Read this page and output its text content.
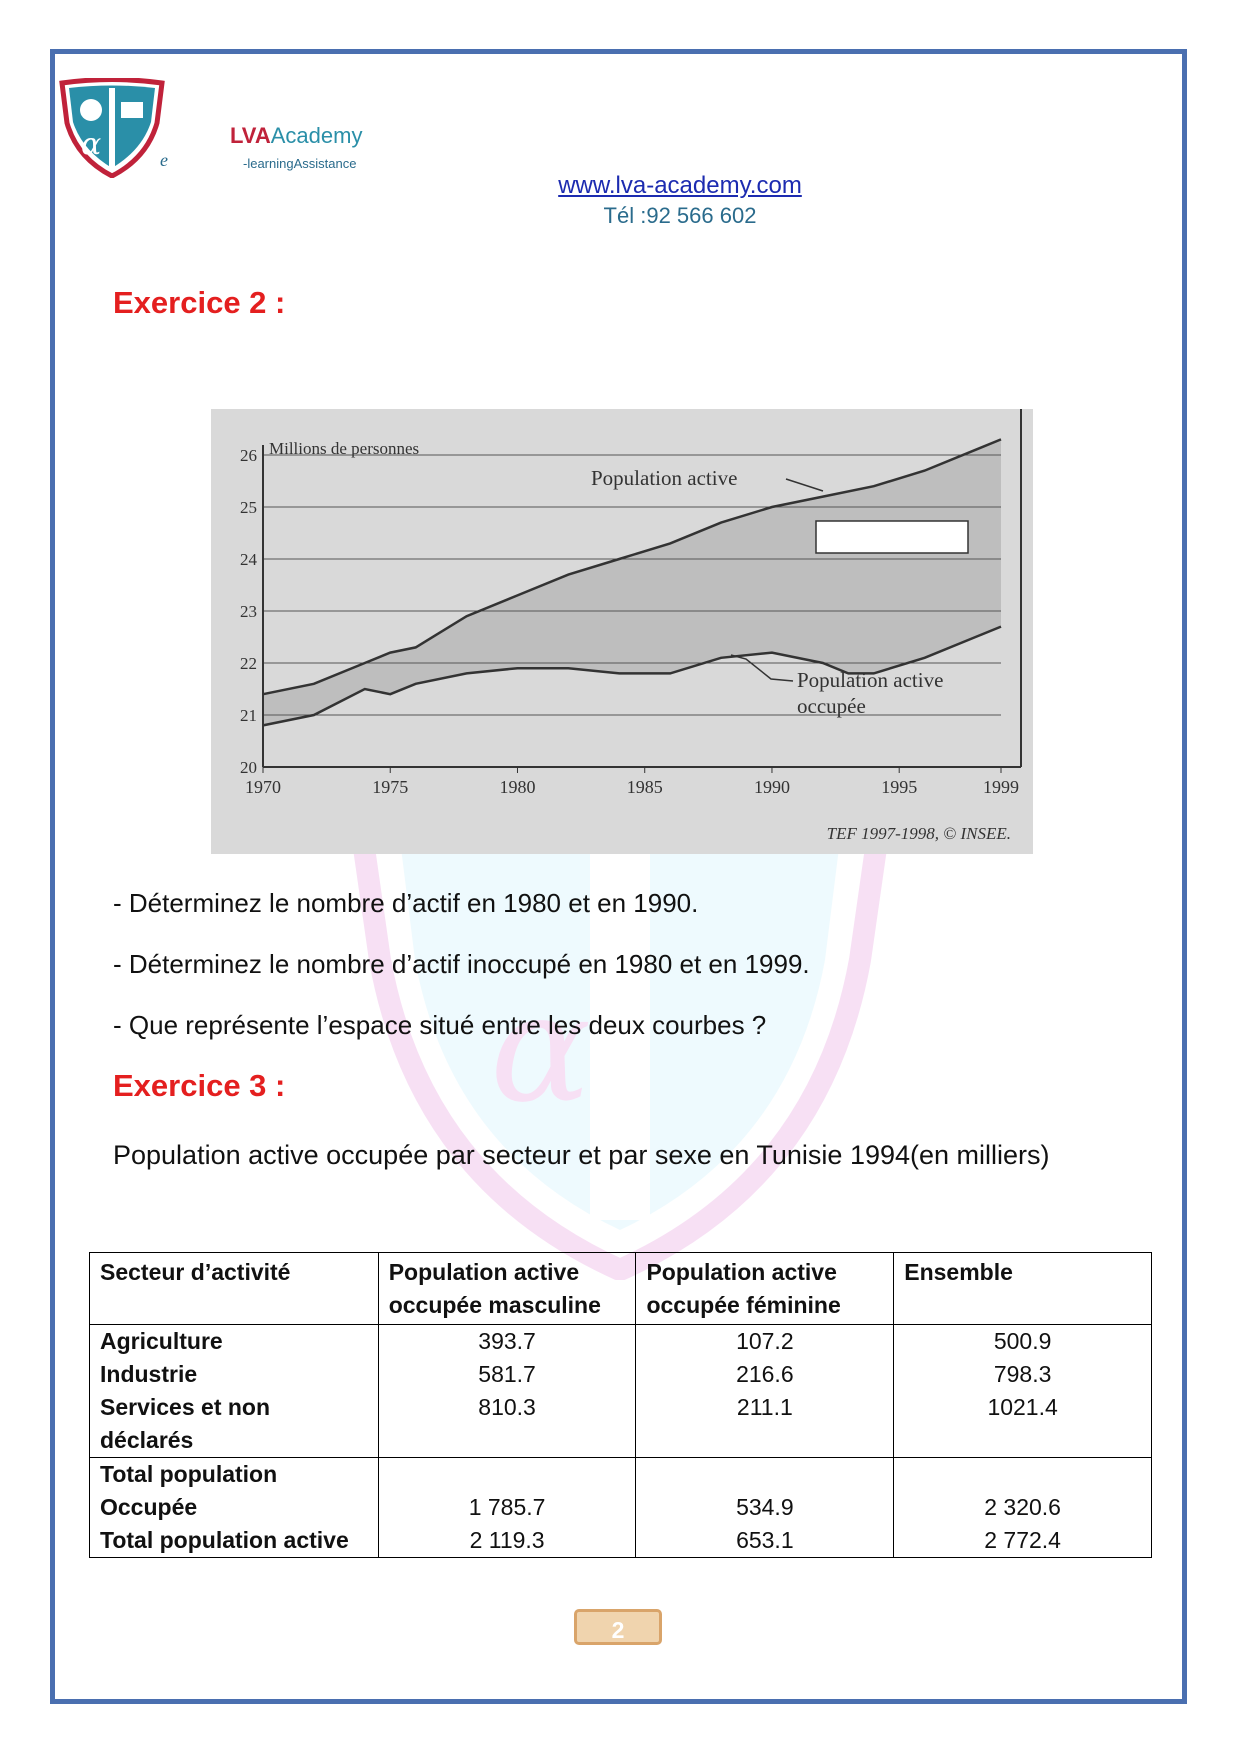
α
α	LVAAcademy
-learningAssistance
e
www.lva-academy.com
Tél :92 566 602
Exercice 2 :
20
21
22
23
24
25
26
1970	1975	1980	1985	1990	1995	1999
Millions de personnes
Population active
Population active
occupée
TEF 1997-1998, © INSEE.
- Déterminez le nombre d’actif en 1980 et en 1990.
- Déterminez le nombre d’actif inoccupé en 1980 et en 1999.
- Que représente l’espace situé entre les deux courbes ?
Exercice 3 :
Population active occupée par secteur et par sexe en Tunisie 1994(en milliers)
Secteur d’activité	Population active occupée masculine	Population active occupée féminine	Ensemble
Agriculture	393.7	107.2	500.9
Industrie	581.7	216.6	798.3
Services et non déclarés	810.3	211.1	1021.4
Total population Occupée	1 785.7	534.9	2 320.6
Total population active	2 119.3	653.1	2 772.4
2
